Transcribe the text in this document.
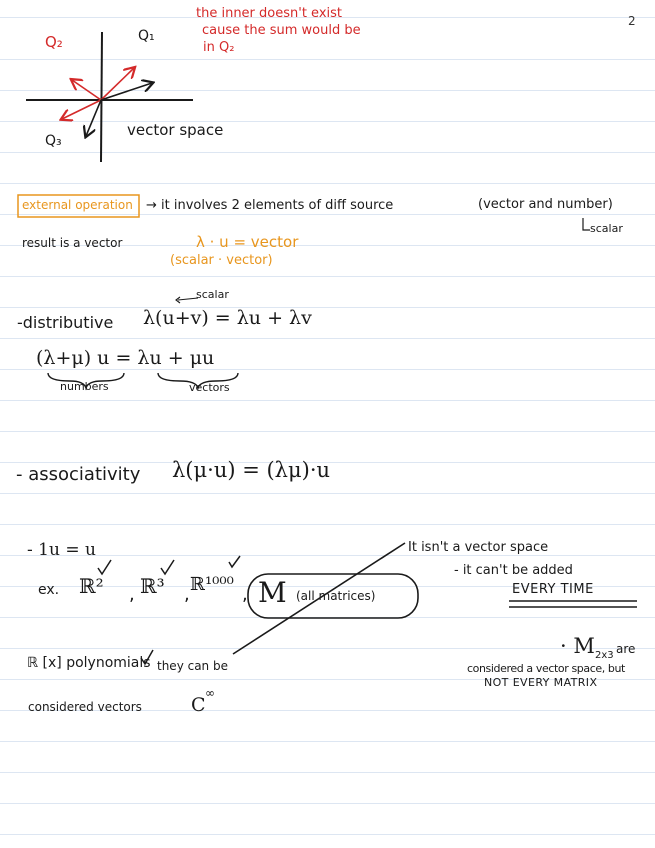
2
Q₂	Q₁
Q₃
vector space
the inner doesn't exist
cause the sum would be
in Q₂
external operation → it involves 2 elements of diff source	(vector and number)
scalar
result is a vector	λ · u = vector
(scalar · vector)
scalar
-distributive λ(u+v) = λu + λv
(λ+μ) u = λu + μu
numbers	vectors
- associativity λ(μ·u) = (λμ)·u
- 1u = u
ex. ℝ² , ℝ³ , ℝ¹⁰⁰⁰ , M (all matrices)
It isn't a vector space
- it can't be added
EVERY TIME
· M 2x3 are
considered a vector space, but
NOT EVERY MATRIX
ℝ [x] polynomials they can be
considered vectors	C
∞
